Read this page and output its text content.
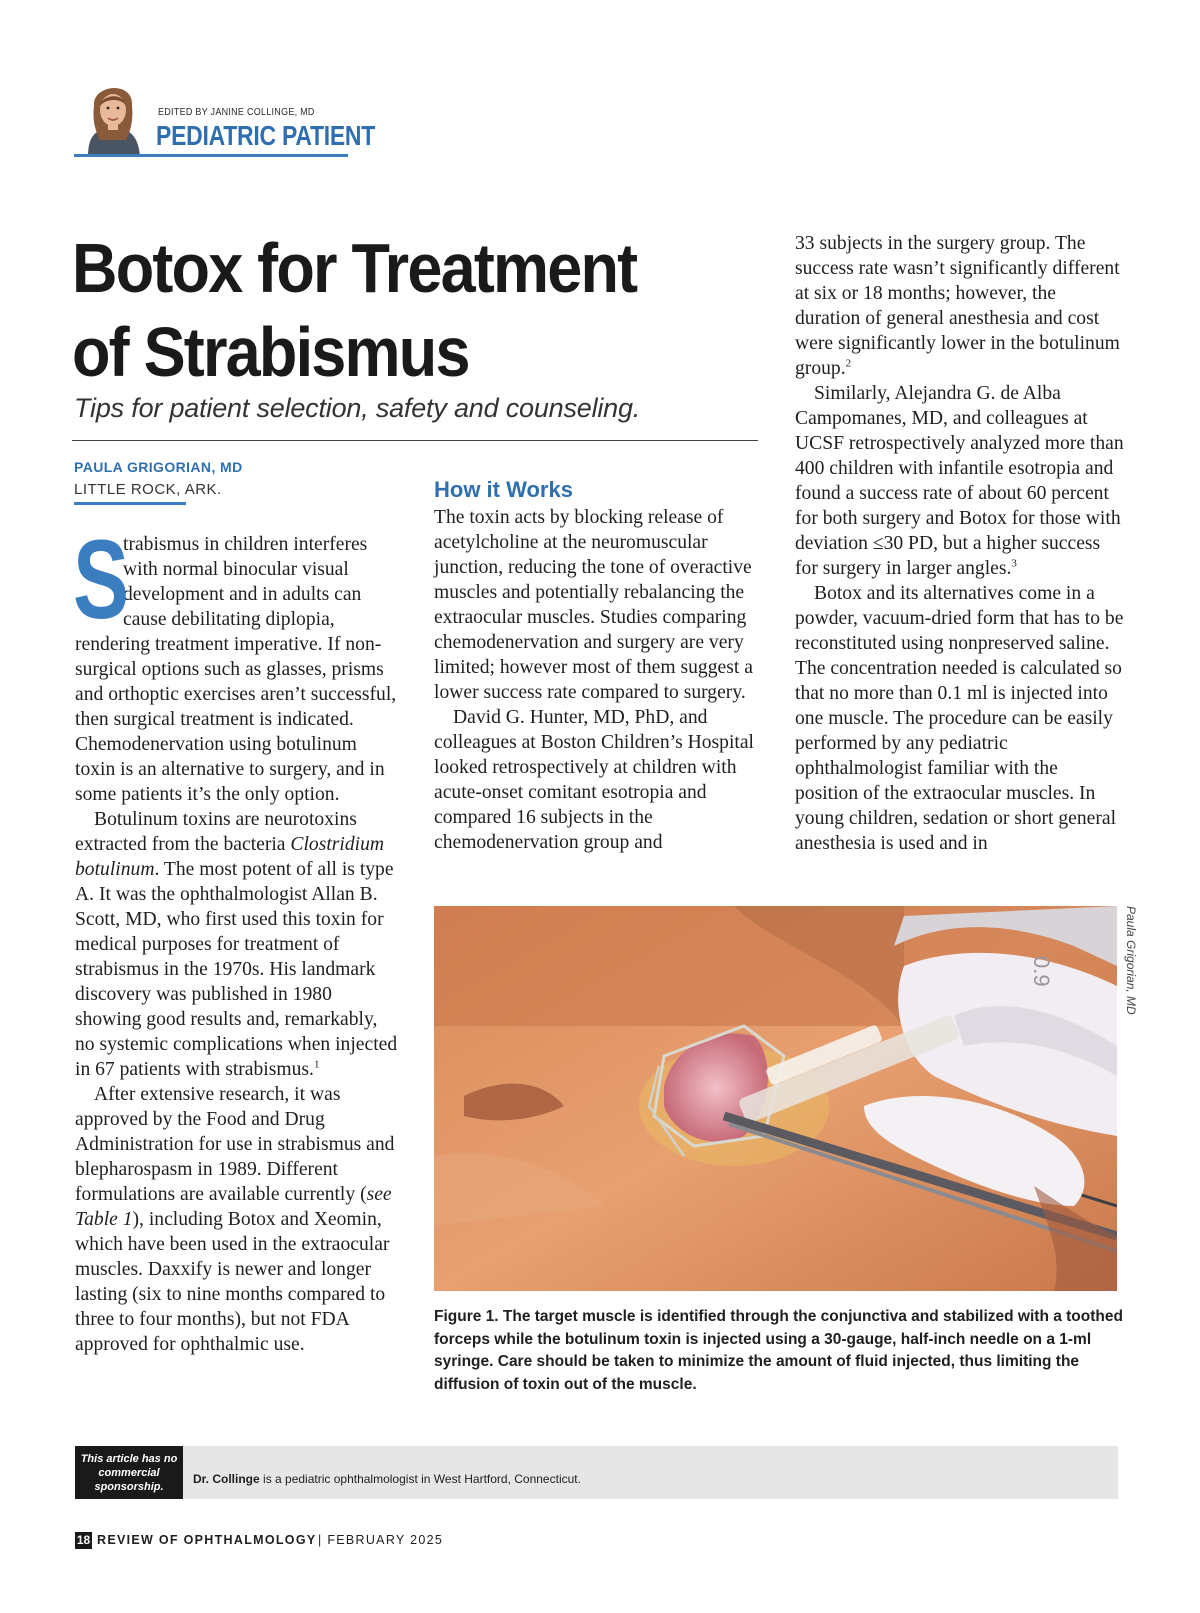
EDITED BY JANINE COLLINGE, MD
PEDIATRIC PATIENT
Botox for Treatment of Strabismus
Tips for patient selection, safety and counseling.
PAULA GRIGORIAN, MD
LITTLE ROCK, ARK.
S

trabismus in children interferes with normal binocular visual development and in adults can cause debilitating diplopia, rendering treatment imperative. If non-surgical options such as glasses, prisms and orthoptic exercises aren’t successful, then surgical treatment is indicated. Chemodenervation using botulinum toxin is an alternative to surgery, and in some patients it’s the only option.

Botulinum toxins are neurotoxins extracted from the bacteria Clostridium botulinum. The most potent of all is type A. It was the ophthalmologist Allan B. Scott, MD, who first used this toxin for medical purposes for treatment of strabismus in the 1970s. His landmark discovery was published in 1980 showing good results and, remarkably, no systemic complications when injected in 67 patients with strabismus.$^1$

After extensive research, it was approved by the Food and Drug Administration for use in strabismus and blepharospasm in 1989. Different formulations are available currently (see Table 1), including Botox and Xeomin, which have been used in the extraocular muscles. Daxxify is newer and longer lasting (six to nine months compared to three to four months), but not FDA approved for ophthalmic use.

How it Works

The toxin acts by blocking release of acetylcholine at the neuromuscular junction, reducing the tone of overactive muscles and potentially rebalancing the extraocular muscles. Studies comparing chemodenervation and surgery are very limited; however most of them suggest a lower success rate compared to surgery.

David G. Hunter, MD, PhD, and colleagues at Boston Children’s Hospital looked retrospectively at children with acute-onset comitant esotropia and compared 16 subjects in the chemodenervation group and

33 subjects in the surgery group. The success rate wasn’t significantly different at six or 18 months; however, the duration of general anesthesia and cost were significantly lower in the botulinum group.$^2$

Similarly, Alejandra G. de Alba Campomanes, MD, and colleagues at UCSF retrospectively analyzed more than 400 children with infantile esotropia and found a success rate of about 60 percent for both surgery and Botox for those with deviation ≤30 PD, but a higher success for surgery in larger angles.$^3$

Botox and its alternatives come in a powder, vacuum-dried form that has to be reconstituted using nonpreserved saline. The concentration needed is calculated so that no more than 0.1 ml is injected into one muscle. The procedure can be easily performed by any pediatric ophthalmologist familiar with the position of the extraocular muscles. In young children, sedation or short general anesthesia is used and in

0.9	Paula Grigorian, MD
Figure 1. The target muscle is identified through the conjunctiva and stabilized with a toothed forceps while the botulinum toxin is injected using a 30-gauge, half-inch needle on a 1-ml syringe. Care should be taken to minimize the amount of fluid injected, thus limiting the diffusion of toxin out of the muscle.
This article has no commercial sponsorship.
Dr. Collinge is a pediatric ophthalmologist in West Hartford, Connecticut.
18 REVIEW OF OPHTHALMOLOGY | FEBRUARY 2025
